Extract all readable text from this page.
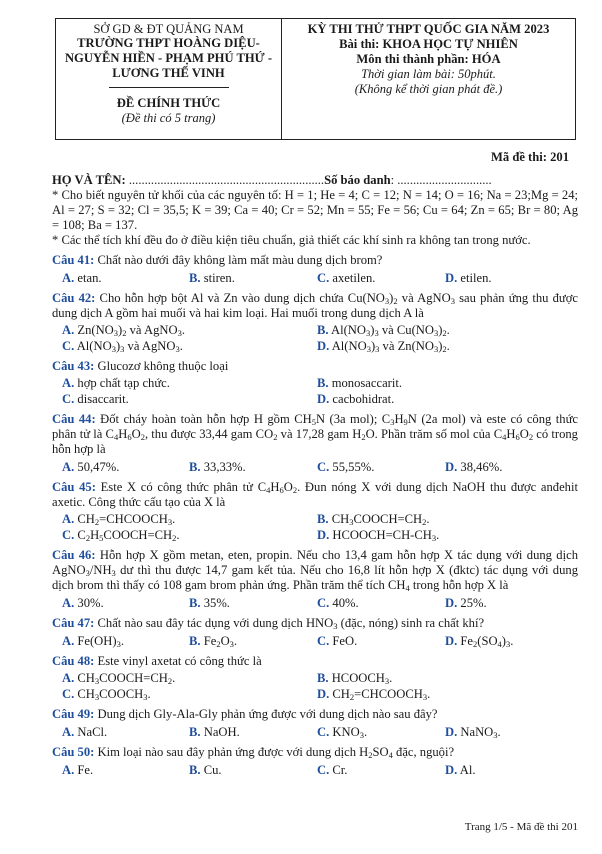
SỞ GD & ĐT QUẢNG NAM
TRƯỜNG THPT HOÀNG DIỆU-
NGUYỄN HIỀN - PHẠM PHÚ THỨ -
LƯƠNG THẾ VINH
ĐỀ CHÍNH THỨC
(Đề thi có 5 trang)
KỲ THI THỬ THPT QUỐC GIA NĂM 2023
Bài thi: KHOA HỌC TỰ NHIÊN
Môn thi thành phần: HÓA
Thời gian làm bài: 50phút.
(Không kể thời gian phát đề.)
Mã đề thi: 201
HỌ VÀ TÊN: ..............................................................Số báo danh: ..............................
* Cho biết nguyên tử khối của các nguyên tố: H = 1; He = 4; C = 12; N = 14; O = 16; Na = 23;Mg = 24; Al = 27; S = 32; Cl = 35,5; K = 39; Ca = 40; Cr = 52; Mn = 55; Fe = 56; Cu = 64; Zn = 65; Br = 80; Ag = 108; Ba = 137.
* Các thể tích khí đều đo ở điều kiện tiêu chuẩn, giả thiết các khí sinh ra không tan trong nước.
Câu 41: Chất nào dưới đây không làm mất màu dung dịch brom?
A. etan.	B. stiren.	C. axetilen.	D. etilen.
Câu 42: Cho hỗn hợp bột Al và Zn vào dung dịch chứa $Cu(NO_3)_2$ và AgNO$_3$ sau phản ứng thu được dung dịch A gồm hai muối và hai kim loại. Hai muối trong dung dịch A là
A. $Zn(NO_3)_2$ và AgNO$_3$.	B. $Al(NO_3)_3$ và $Cu(NO_3)_2$.
C. $Al(NO_3)_3$ và AgNO$_3$.	D. $Al(NO_3)_3$ và $Zn(NO_3)_2$.
Câu 43: Glucozơ không thuộc loại
A. hợp chất tạp chức.	B. monosaccarit.
C. disaccarit.	D. cacbohidrat.
Câu 44: Đốt cháy hoàn toàn hỗn hợp H gồm $CH_5N$ (3a mol); $C_3H_9N$ (2a mol) và este có công thức phân tử là $C_4H_6O_2$, thu được 33,44 gam $CO_2$ và 17,28 gam $H_2O$. Phần trăm số mol của $C_4H_6O_2$ có trong hỗn hợp là
A. 50,47%.	B. 33,33%.	C. 55,55%.	D. 38,46%.
Câu 45: Este X có công thức phân tử $C_4H_6O_2$. Đun nóng X với dung dịch NaOH thu được anđehit axetic. Công thức cấu tạo của X là
A. $CH_2=CHCOOCH_3$.	B. $CH_3COOCH=CH_2$.
C. $C_2H_5COOCH=CH_2$.	D. $HCOOCH=CH-CH_3$.
Câu 46: Hỗn hợp X gồm metan, eten, propin. Nếu cho 13,4 gam hỗn hợp X tác dụng với dung dịch $AgNO_3/NH_3$ dư thì thu được 14,7 gam kết tủa. Nếu cho 16,8 lít hỗn hợp X (đktc) tác dụng với dung dịch brom thì thấy có 108 gam brom phản ứng. Phần trăm thể tích $CH_4$ trong hỗn hợp X là
A. 30%.	B. 35%.	C. 40%.	D. 25%.
Câu 47: Chất nào sau đây tác dụng với dung dịch $HNO_3$ (đặc, nóng) sinh ra chất khí?
A. $Fe(OH)_3$.	B. $Fe_2O_3$.	C. FeO.	D. $Fe_2(SO_4)_3$.
Câu 48: Este vinyl axetat có công thức là
A. $CH_3COOCH=CH_2$.	B. $HCOOCH_3$.
C. $CH_3COOCH_3$.	D. $CH_2=CHCOOCH_3$.
Câu 49: Dung dịch Gly-Ala-Gly phản ứng được với dung dịch nào sau đây?
A. NaCl.	B. NaOH.	C. $KNO_3$.	D. NaNO$_3$.
Câu 50: Kim loại nào sau đây phản ứng được với dung dịch $H_2SO_4$ đặc, nguội?
A. Fe.	B. Cu.	C. Cr.	D. Al.
Trang 1/5 - Mã đề thi 201
